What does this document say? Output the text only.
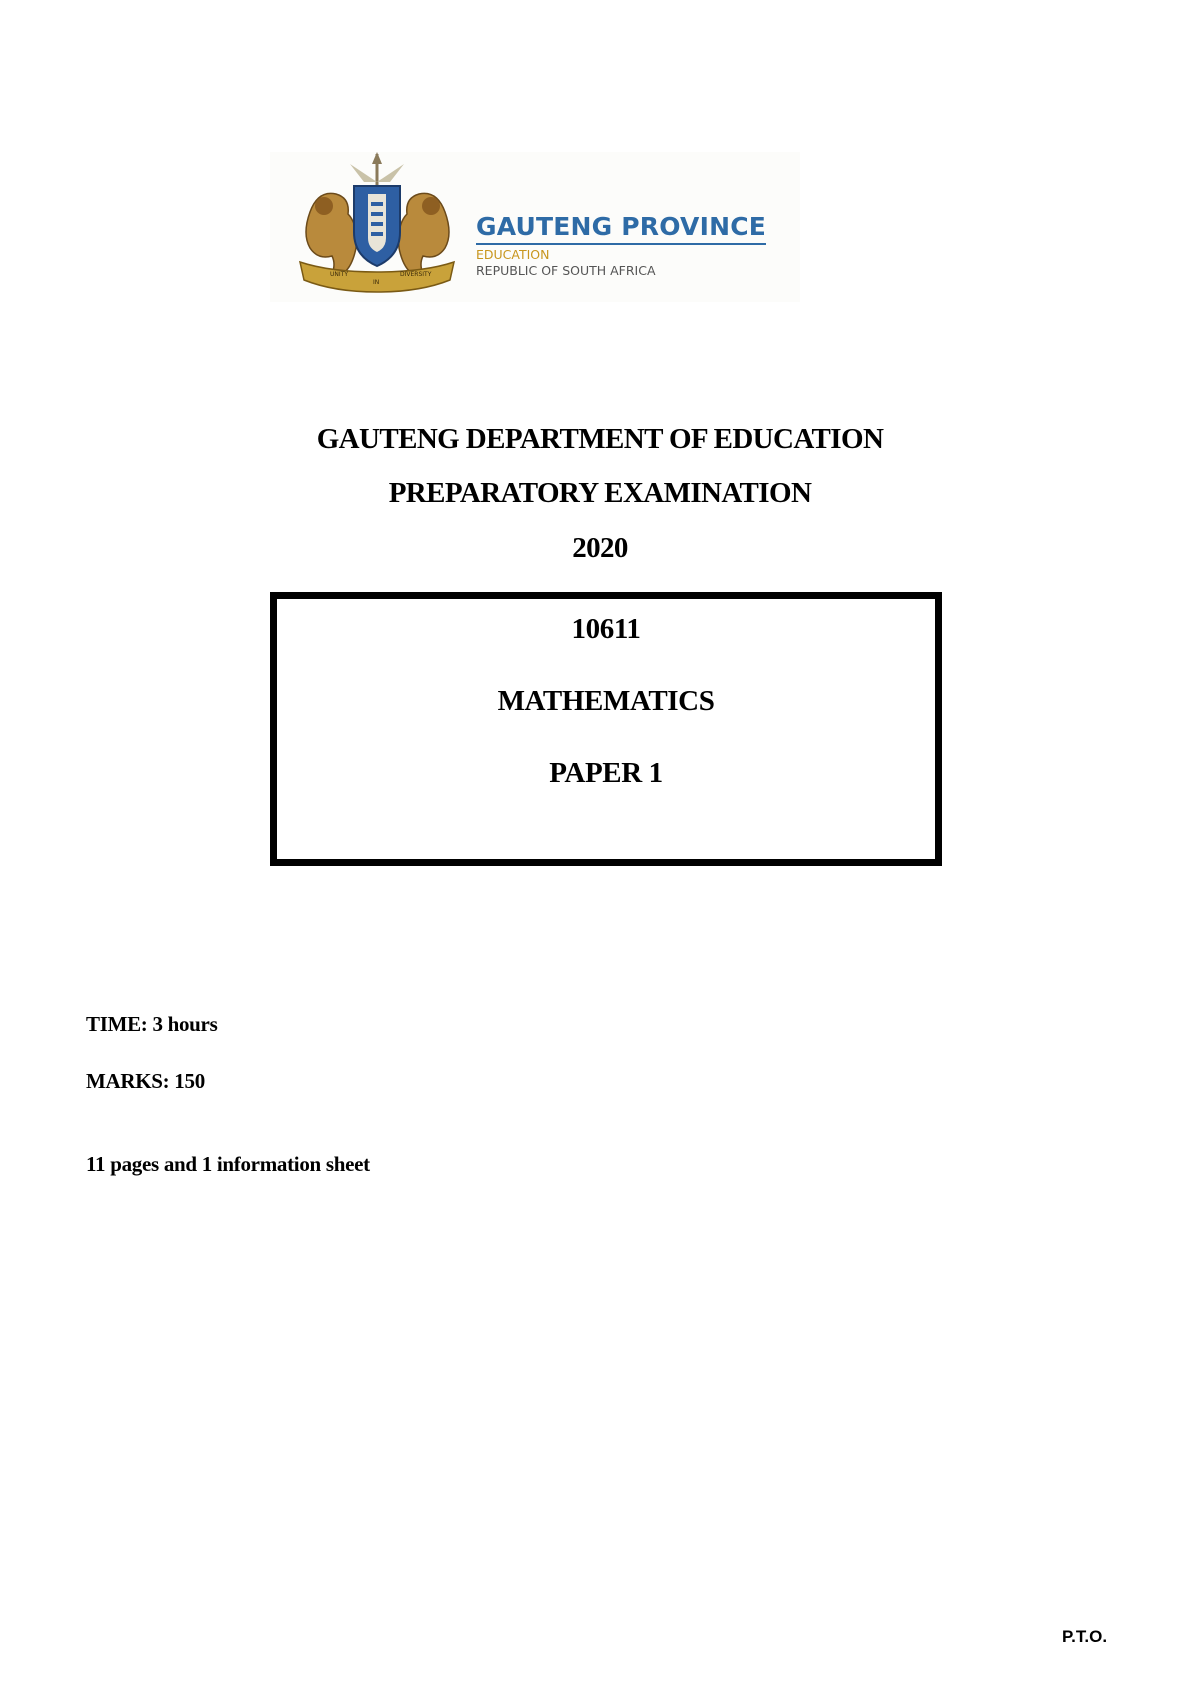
UNITY
IN
DIVERSITY
GAUTENG PROVINCE
EDUCATION
REPUBLIC OF SOUTH AFRICA
GAUTENG DEPARTMENT OF EDUCATION
PREPARATORY EXAMINATION
2020
10611
MATHEMATICS
PAPER 1
TIME: 3 hours
MARKS: 150
11 pages and 1 information sheet
P.T.O.
